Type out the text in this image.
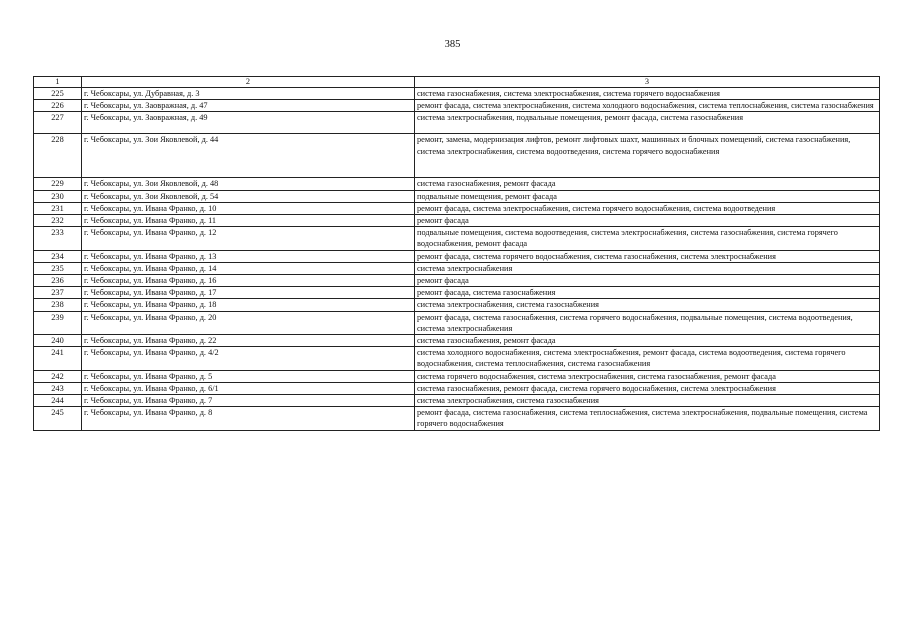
385
1	2	3
225	г. Чебоксары, ул. Дубравная, д. 3	система газоснабжения, система электроснабжения, система горячего водоснабжения
226	г. Чебоксары, ул. Заовражная, д. 47	ремонт фасада, система электроснабжения, система холодного водоснабжения, система теплоснабжения, система газоснабжения
227	г. Чебоксары, ул. Заовражная, д. 49	система электроснабжения, подвальные помещения, ремонт фасада, система газоснабжения
228	г. Чебоксары, ул. Зои Яковлевой, д. 44	ремонт, замена, модернизация лифтов, ремонт лифтовых шахт, машинных и блочных помещений, система газоснабжения, система электроснабжения, система водоотведения, система горячего водоснабжения
229	г. Чебоксары, ул. Зои Яковлевой, д. 48	система газоснабжения, ремонт фасада
230	г. Чебоксары, ул. Зои Яковлевой, д. 54	подвальные помещения, ремонт фасада
231	г. Чебоксары, ул. Ивана Франко, д. 10	ремонт фасада, система электроснабжения, система горячего водоснабжения, система водоотведения
232	г. Чебоксары, ул. Ивана Франко, д. 11	ремонт фасада
233	г. Чебоксары, ул. Ивана Франко, д. 12	подвальные помещения, система водоотведения, система электроснабжения, система газоснабжения, система горячего водоснабжения, ремонт фасада
234	г. Чебоксары, ул. Ивана Франко, д. 13	ремонт фасада, система горячего водоснабжения, система газоснабжения, система электроснабжения
235	г. Чебоксары, ул. Ивана Франко, д. 14	система электроснабжения
236	г. Чебоксары, ул. Ивана Франко, д. 16	ремонт фасада
237	г. Чебоксары, ул. Ивана Франко, д. 17	ремонт фасада, система газоснабжения
238	г. Чебоксары, ул. Ивана Франко, д. 18	система электроснабжения, система газоснабжения
239	г. Чебоксары, ул. Ивана Франко, д. 20	ремонт фасада, система газоснабжения, система горячего водоснабжения, подвальные помещения, система водоотведения, система электроснабжения
240	г. Чебоксары, ул. Ивана Франко, д. 22	система газоснабжения, ремонт фасада
241	г. Чебоксары, ул. Ивана Франко, д. 4/2	система холодного водоснабжения, система электроснабжения, ремонт фасада, система водоотведения, система горячего водоснабжения, система теплоснабжения, система газоснабжения
242	г. Чебоксары, ул. Ивана Франко, д. 5	система горячего водоснабжения, система электроснабжения, система газоснабжения, ремонт фасада
243	г. Чебоксары, ул. Ивана Франко, д. 6/1	система газоснабжения, ремонт фасада, система горячего водоснабжения, система электроснабжения
244	г. Чебоксары, ул. Ивана Франко, д. 7	система электроснабжения, система газоснабжения
245	г. Чебоксары, ул. Ивана Франко, д. 8	ремонт фасада, система газоснабжения, система теплоснабжения, система электроснабжения, подвальные помещения, система горячего водоснабжения
